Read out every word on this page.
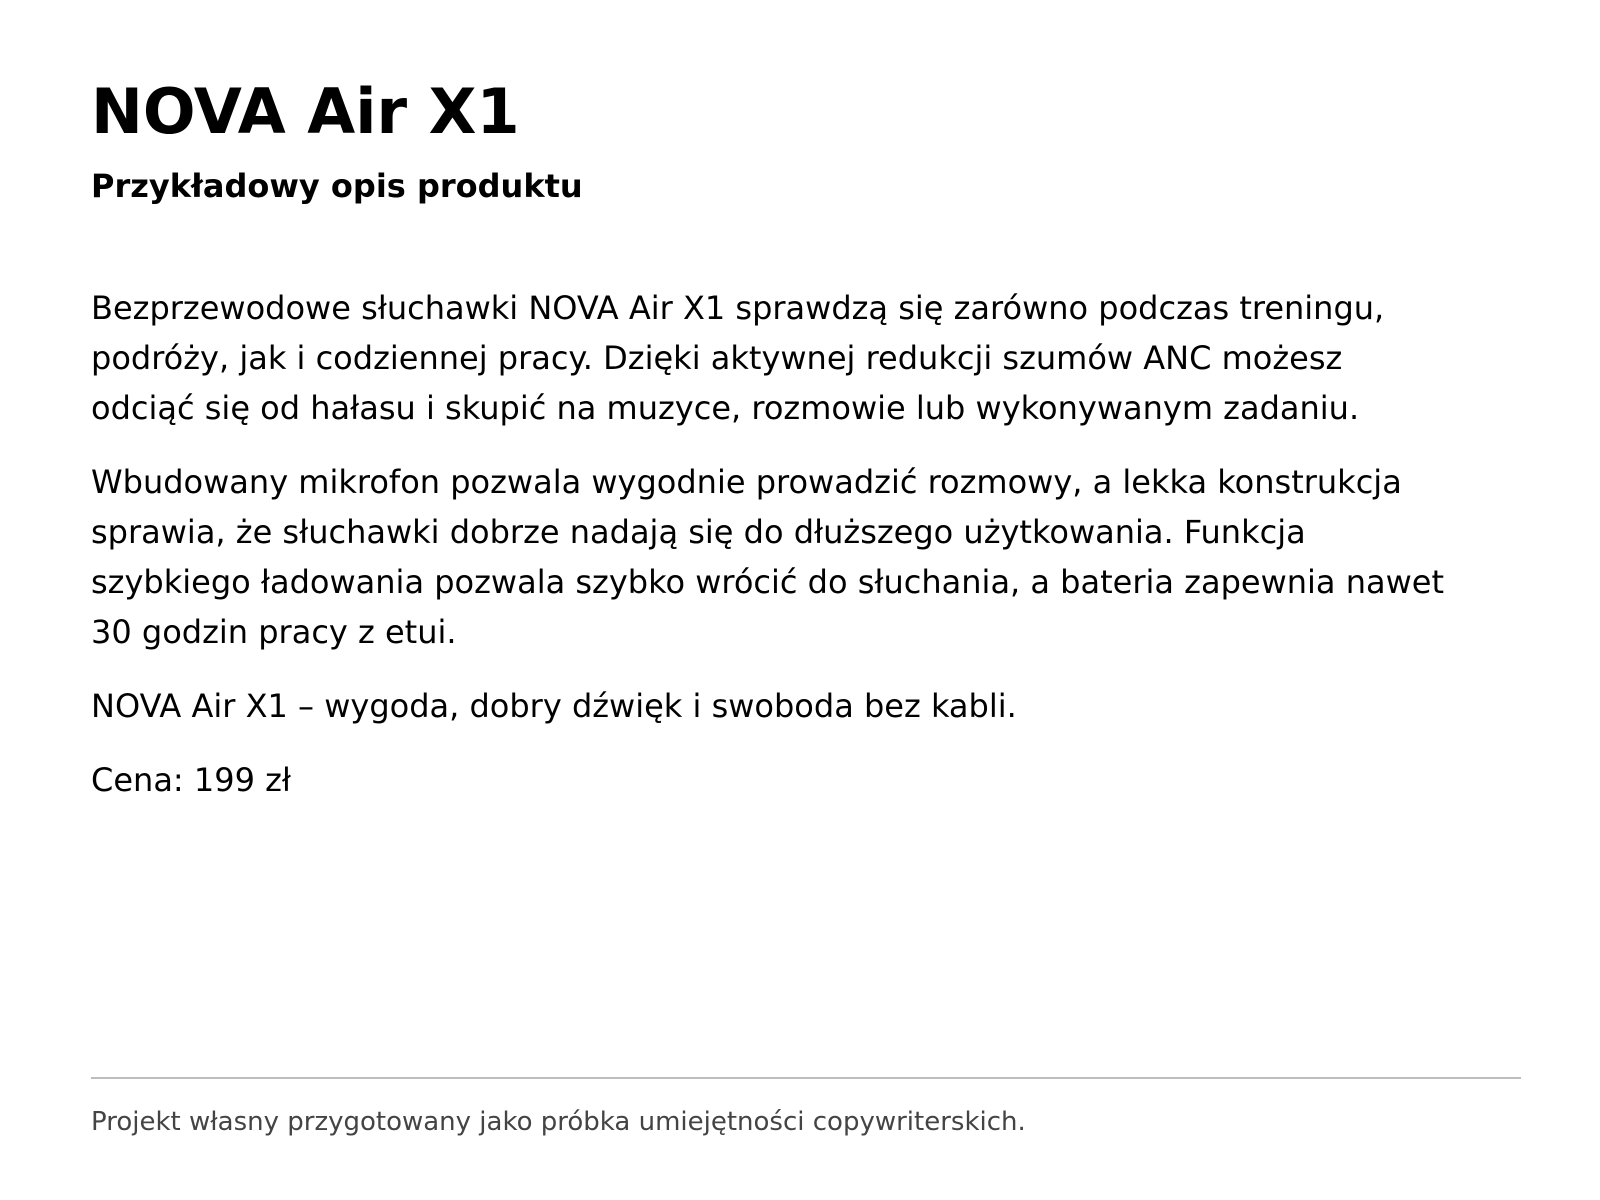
NOVA Air X1
Przykładowy opis produktu

Bezprzewodowe słuchawki NOVA Air X1 sprawdzą się zarówno podczas treningu, podróży, jak i codziennej pracy. Dzięki aktywnej redukcji szumów ANC możesz odciąć się od hałasu i skupić na muzyce, rozmowie lub wykonywanym zadaniu.

Wbudowany mikrofon pozwala wygodnie prowadzić rozmowy, a lekka konstrukcja sprawia, że słuchawki dobrze nadają się do dłuższego użytkowania. Funkcja szybkiego ładowania pozwala szybko wrócić do słuchania, a bateria zapewnia nawet 30 godzin pracy z etui.

NOVA Air X1 – wygoda, dobry dźwięk i swoboda bez kabli.

Cena: 199 zł

Projekt własny przygotowany jako próbka umiejętności copywriterskich.
